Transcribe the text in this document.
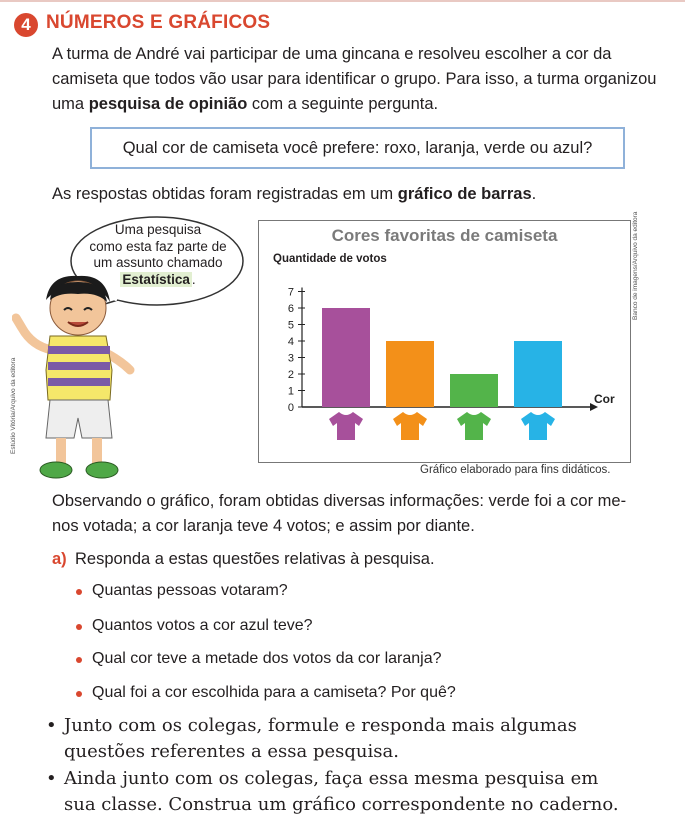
4 NÚMEROS E GRÁFICOS
A turma de André vai participar de uma gincana e resolveu escolher a cor da
camiseta que todos vão usar para identificar o grupo. Para isso, a turma organizou
uma pesquisa de opinião com a seguinte pergunta.
Qual cor de camiseta você prefere: roxo, laranja, verde ou azul?
As respostas obtidas foram registradas em um gráfico de barras.
Uma pesquisa
como esta faz parte de
um assunto chamado
Estatística .
Estúdio Vitória/Arquivo da editora
Cores favoritas de camiseta
Quantidade de votos
0
1
2
3
4
5
6
7
Cor
Gráfico elaborado para fins didáticos.
Banco de imagens/Arquivo da editora
Observando o gráfico, foram obtidas diversas informações: verde foi a cor me-
nos votada; a cor laranja teve 4 votos; e assim por diante.
a) Responda a estas questões relativas à pesquisa.
Quantas pessoas votaram?
Quantos votos a cor azul teve?
Qual cor teve a metade dos votos da cor laranja?
Qual foi a cor escolhida para a camiseta? Por quê?
• Junto com os colegas, formule e responda mais algumas
questões referentes a essa pesquisa.
• Ainda junto com os colegas, faça essa mesma pesquisa em
sua classe. Construa um gráfico correspondente no caderno.
